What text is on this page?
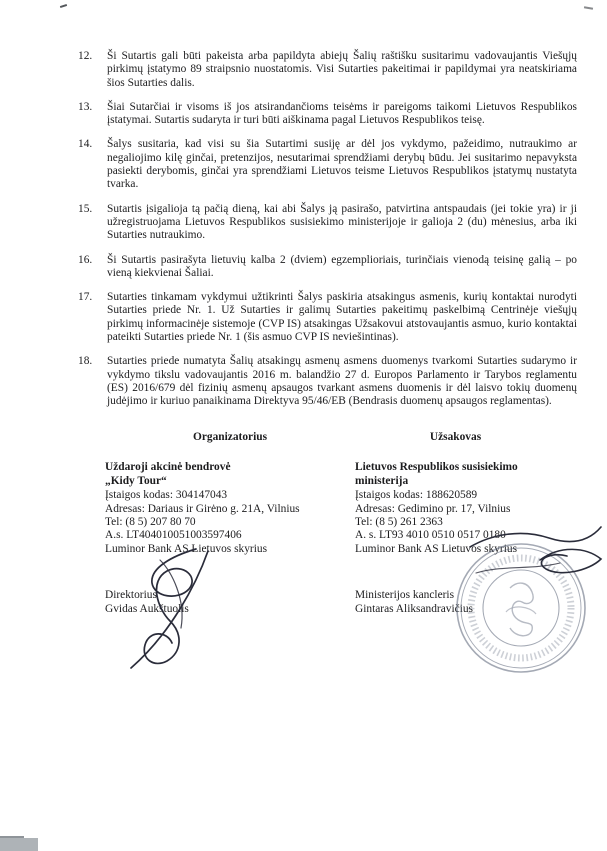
12.	Ši Sutartis gali būti pakeista arba papildyta abiejų Šalių raštišku susitarimu vadovaujantis Viešųjų pirkimų įstatymo 89 straipsnio nuostatomis. Visi Sutarties pakeitimai ir papildymai yra neatskiriama šios Sutarties dalis.
13.	Šiai Sutarčiai ir visoms iš jos atsirandančioms teisėms ir pareigoms taikomi Lietuvos Respublikos įstatymai. Sutartis sudaryta ir turi būti aiškinama pagal Lietuvos Respublikos teisę.
14.	Šalys susitaria, kad visi su šia Sutartimi susiję ar dėl jos vykdymo, pažeidimo, nutraukimo ar negaliojimo kilę ginčai, pretenzijos, nesutarimai sprendžiami derybų būdu. Jei susitarimo nepavyksta pasiekti derybomis, ginčai yra sprendžiami Lietuvos teisme Lietuvos Respublikos įstatymų nustatyta tvarka.
15.	Sutartis įsigalioja tą pačią dieną, kai abi Šalys ją pasirašo, patvirtina antspaudais (jei tokie yra) ir ji užregistruojama Lietuvos Respublikos susisiekimo ministerijoje ir galioja 2 (du) mėnesius, arba iki Sutarties nutraukimo.
16.	Ši Sutartis pasirašyta lietuvių kalba 2 (dviem) egzemplioriais, turinčiais vienodą teisinę galią – po vieną kiekvienai Šaliai.
17.	Sutarties tinkamam vykdymui užtikrinti Šalys paskiria atsakingus asmenis, kurių kontaktai nurodyti Sutarties priede Nr. 1. Už Sutarties ir galimų Sutarties pakeitimų paskelbimą Centrinėje viešųjų pirkimų informacinėje sistemoje (CVP IS) atsakingas Užsakovui atstovaujantis asmuo, kurio kontaktai pateikti Sutarties priede Nr. 1 (šis asmuo CVP IS neviešintinas).
18.	Sutarties priede numatyta Šalių atsakingų asmenų asmens duomenys tvarkomi Sutarties sudarymo ir vykdymo tikslu vadovaujantis 2016 m. balandžio 27 d. Europos Parlamento ir Tarybos reglamentu (ES) 2016/679 dėl fizinių asmenų apsaugos tvarkant asmens duomenis ir dėl laisvo tokių duomenų judėjimo ir kuriuo panaikinama Direktyva 95/46/EB (Bendrasis duomenų apsaugos reglamentas).
Organizatorius
Uždaroji akcinė bendrovė
„Kidy Tour“
Įstaigos kodas: 304147043
Adresas: Dariaus ir Girėno g. 21A, Vilnius
Tel: (8 5) 207 80 70
A.s. LT404010051003597406
Luminor Bank AS Lietuvos skyrius
Direktorius
Gvidas Aukštuolis
Užsakovas
Lietuvos Respublikos susisiekimo
ministerija
Įstaigos kodas: 188620589
Adresas: Gedimino pr. 17, Vilnius
Tel: (8 5) 261 2363
A. s. LT93 4010 0510 0517 0180
Luminor Bank AS Lietuvos skyrius
Ministerijos kancleris
Gintaras Aliksandravičius
